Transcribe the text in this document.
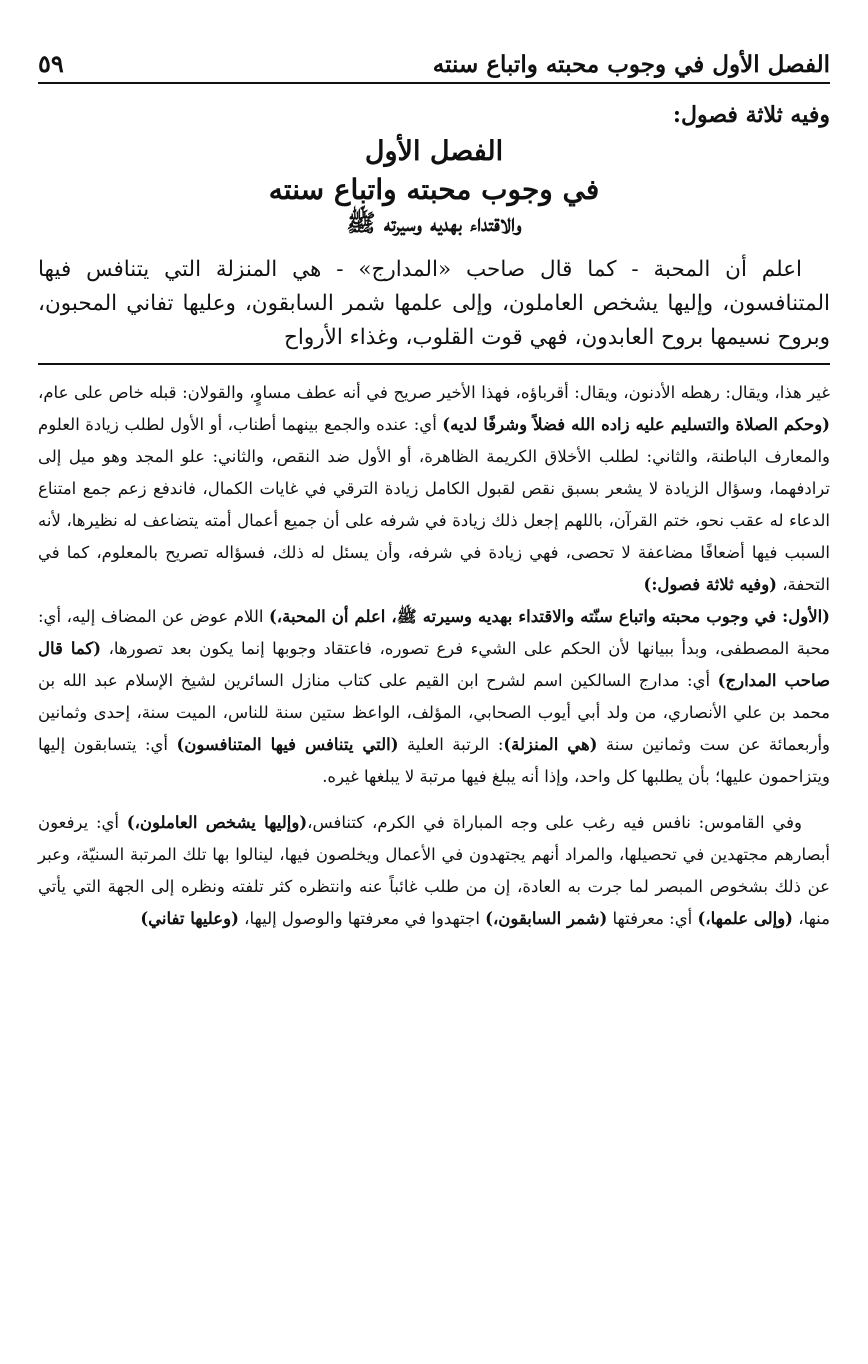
الفصل الأول في وجوب محبته واتباع سنته
٥٩
وفيه ثلاثة فصول:
الفصل الأول
في وجوب محبته واتباع سنته
والاقتداء بهديه وسيرته ﷺ
اعلم أن المحبة - كما قال صاحب «المدارج» - هي المنزلة التي يتنافس فيها المتنافسون، وإليها يشخص العاملون، وإلى علمها شمر السابقون، وعليها تفاني المحبون، وبروح نسيمها بروح العابدون، فهي قوت القلوب، وغذاء الأرواح

غير هذا، ويقال: رهطه الأدنون، ويقال: أقرباؤه، فهذا الأخير صريح في أنه عطف مساوٍ، والقولان: قبله خاص على عام، (وحكم الصلاة والتسليم عليه زاده الله فضلاً وشرفًا لديه) أي: عنده والجمع بينهما أطناب، أو الأول لطلب زيادة العلوم والمعارف الباطنة، والثاني: لطلب الأخلاق الكريمة الظاهرة، أو الأول ضد النقص، والثاني: علو المجد وهو ميل إلى ترادفهما، وسؤال الزيادة لا يشعر بسبق نقص لقبول الكامل زيادة الترقي في غايات الكمال، فاندفع زعم جمع امتناع الدعاء له عقب نحو، ختم القرآن، باللهم إجعل ذلك زيادة في شرفه على أن جميع أعمال أمته يتضاعف له نظيرها، لأنه السبب فيها أضعافًا مضاعفة لا تحصى، فهي زيادة في شرفه، وأن يسئل له ذلك، فسؤاله تصريح بالمعلوم، كما في التحفة، (وفيه ثلاثة فصول:)

(الأول: في وجوب محبته واتباع سنّته والاقتداء بهديه وسيرته ﷺ، اعلم أن المحبة،) اللام عوض عن المضاف إليه، أي: محبة المصطفى، وبدأ ببيانها لأن الحكم على الشيء فرع تصوره، فاعتقاد وجوبها إنما يكون بعد تصورها، (كما قال صاحب المدارج) أي: مدارج السالكين اسم لشرح ابن القيم على كتاب منازل السائرين لشيخ الإسلام عبد الله بن محمد بن علي الأنصاري، من ولد أبي أيوب الصحابي، المؤلف، الواعظ ستين سنة للناس، الميت سنة، إحدى وثمانين وأربعمائة عن ست وثمانين سنة (هي المنزلة): الرتبة العلية (التي يتنافس فيها المتنافسون) أي: يتسابقون إليها ويتزاحمون عليها؛ بأن يطلبها كل واحد، وإذا أنه يبلغ فيها مرتبة لا يبلغها غيره.

وفي القاموس: نافس فيه رغب على وجه المباراة في الكرم، كتنافس،(وإليها يشخص العاملون،) أي: يرفعون أبصارهم مجتهدين في تحصيلها، والمراد أنهم يجتهدون في الأعمال ويخلصون فيها، لينالوا بها تلك المرتبة السنيّة، وعبر عن ذلك بشخوص المبصر لما جرت به العادة، إن من طلب غائباً عنه وانتظره كثر تلفته ونظره إلى الجهة التي يأتي منها، (وإلى علمها،) أي: معرفتها (شمر السابقون،) اجتهدوا في معرفتها والوصول إليها، (وعليها تفاني)
